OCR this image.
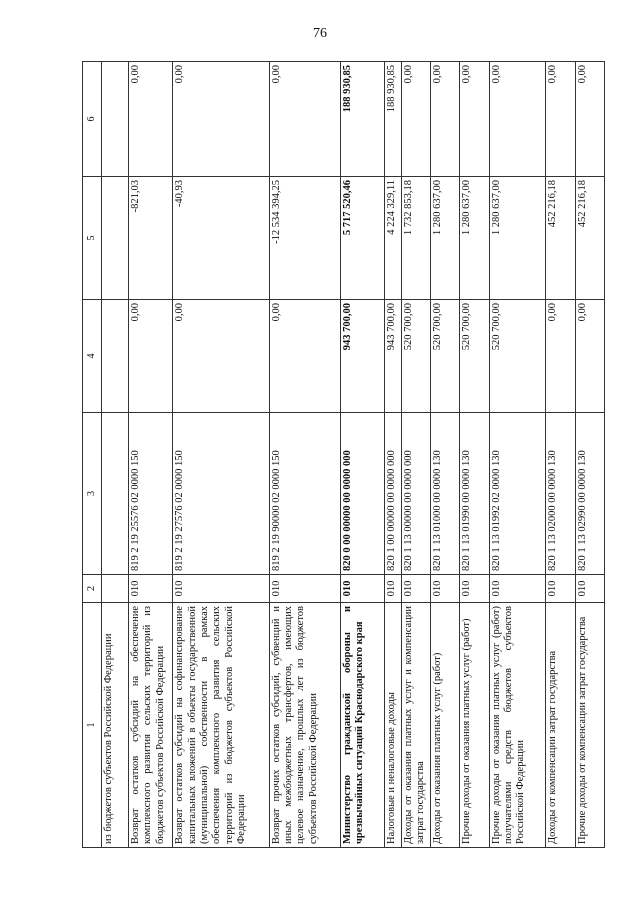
76
1	2	3	4	5	6
из бюджетов субъектов Российской Федерации					
Возврат остатков субсидий на обеспечение комплексного развития сельских территорий из бюджетов субъектов Российской Федерации	010	819 2 19 25576 02 0000 150	0,00	-821,03	0,00
Возврат остатков субсидий на софинансирование капитальных вложений в объекты государственной (муниципальной) собственности в рамках обеспечения комплексного развития сельских территорий из бюджетов субъектов Российской Федерации	010	819 2 19 27576 02 0000 150	0,00	-40,93	0,00
Возврат прочих остатков субсидий, субвенций и иных межбюджетных трансфертов, имеющих целевое назначение, прошлых лет из бюджетов субъектов Российской Федерации	010	819 2 19 90000 02 0000 150	0,00	-12 534 394,25	0,00
Министерство гражданской обороны и чрезвычайных ситуаций Краснодарского края	010	820 0 00 00000 00 0000 000	943 700,00	5 717 520,46	188 930,85
Налоговые и неналоговые доходы	010	820 1 00 00000 00 0000 000	943 700,00	4 224 329,11	188 930,85
Доходы от оказания платных услуг и компенсации затрат государства	010	820 1 13 00000 00 0000 000	520 700,00	1 732 853,18	0,00
Доходы от оказания платных услуг (работ)	010	820 1 13 01000 00 0000 130	520 700,00	1 280 637,00	0,00
Прочие доходы от оказания платных услуг (работ)	010	820 1 13 01990 00 0000 130	520 700,00	1 280 637,00	0,00
Прочие доходы от оказания платных услуг (работ) получателями средств бюджетов субъектов Российской Федерации	010	820 1 13 01992 02 0000 130	520 700,00	1 280 637,00	0,00
Доходы от компенсации затрат государства	010	820 1 13 02000 00 0000 130	0,00	452 216,18	0,00
Прочие доходы от компенсации затрат государства	010	820 1 13 02990 00 0000 130	0,00	452 216,18	0,00
